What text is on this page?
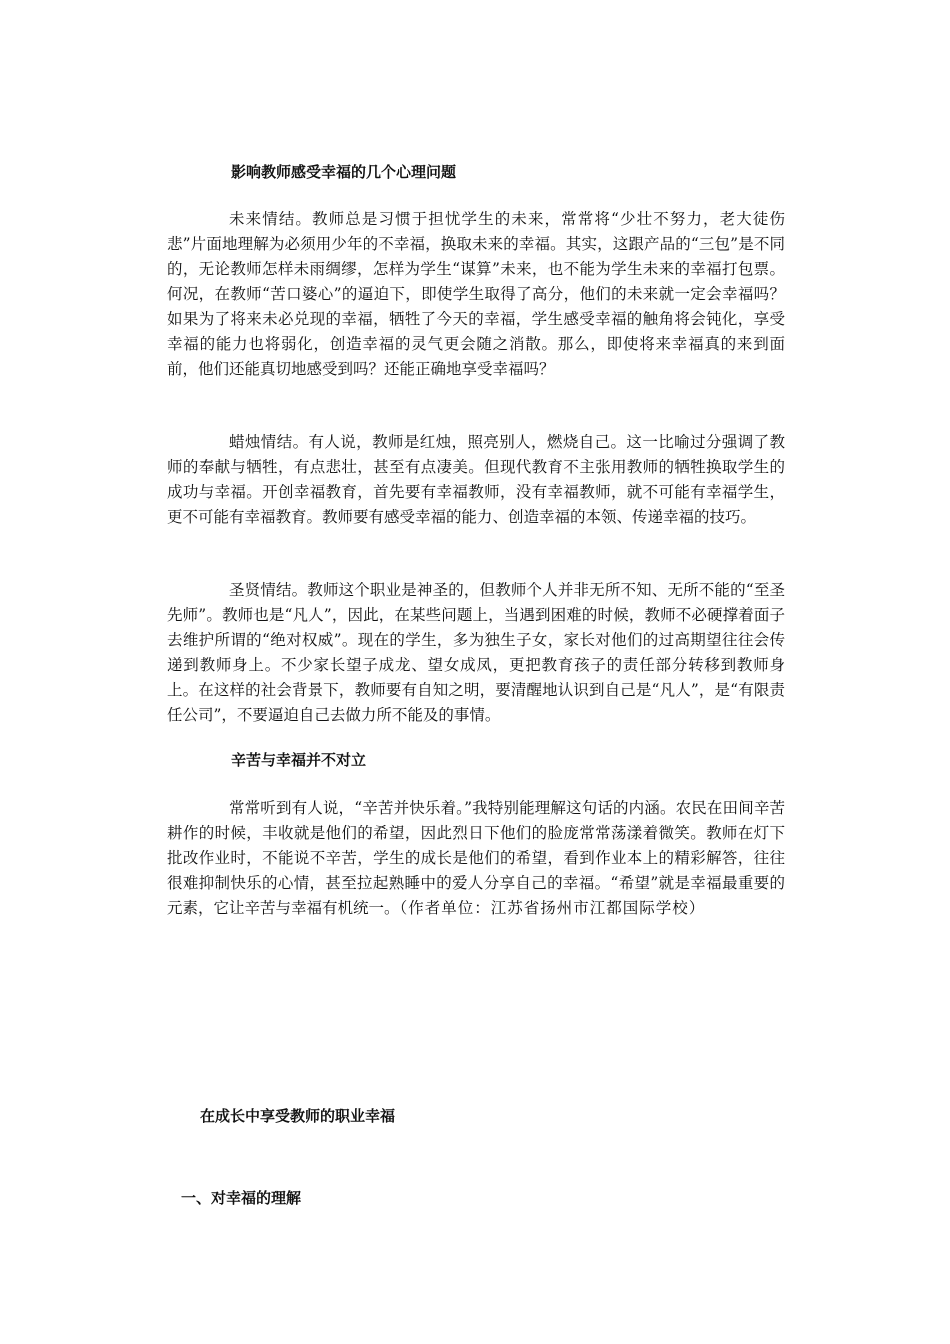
影响教师感受幸福的几个心理问题

未来情结。教师总是习惯于担忧学生的未来，常常将“少壮不努力，老大徒伤悲”片面地理解为必须用少年的不幸福，换取未来的幸福。其实，这跟产品的“三包”是不同的，无论教师怎样未雨绸缪，怎样为学生“谋算”未来，也不能为学生未来的幸福打包票。何况，在教师“苦口婆心”的逼迫下，即使学生取得了高分，他们的未来就一定会幸福吗？如果为了将来未必兑现的幸福，牺牲了今天的幸福，学生感受幸福的触角将会钝化，享受幸福的能力也将弱化，创造幸福的灵气更会随之消散。那么，即使将来幸福真的来到面前，他们还能真切地感受到吗？还能正确地享受幸福吗？

蜡烛情结。有人说，教师是红烛，照亮别人，燃烧自己。这一比喻过分强调了教师的奉献与牺牲，有点悲壮，甚至有点凄美。但现代教育不主张用教师的牺牲换取学生的成功与幸福。开创幸福教育，首先要有幸福教师，没有幸福教师，就不可能有幸福学生，更不可能有幸福教育。教师要有感受幸福的能力、创造幸福的本领、传递幸福的技巧。

圣贤情结。教师这个职业是神圣的，但教师个人并非无所不知、无所不能的“至圣先师”。教师也是“凡人”，因此，在某些问题上，当遇到困难的时候，教师不必硬撑着面子去维护所谓的“绝对权威”。现在的学生，多为独生子女，家长对他们的过高期望往往会传递到教师身上。不少家长望子成龙、望女成凤，更把教育孩子的责任部分转移到教师身上。在这样的社会背景下，教师要有自知之明，要清醒地认识到自己是“凡人”，是“有限责任公司”，不要逼迫自己去做力所不能及的事情。

辛苦与幸福并不对立

常常听到有人说，“辛苦并快乐着。”我特别能理解这句话的内涵。农民在田间辛苦耕作的时候，丰收就是他们的希望，因此烈日下他们的脸庞常常荡漾着微笑。教师在灯下批改作业时，不能说不辛苦，学生的成长是他们的希望，看到作业本上的精彩解答，往往很难抑制快乐的心情，甚至拉起熟睡中的爱人分享自己的幸福。“希望”就是幸福最重要的元素，它让辛苦与幸福有机统一。（作者单位：江苏省扬州市江都国际学校）

在成长中享受教师的职业幸福
一、对幸福的理解
